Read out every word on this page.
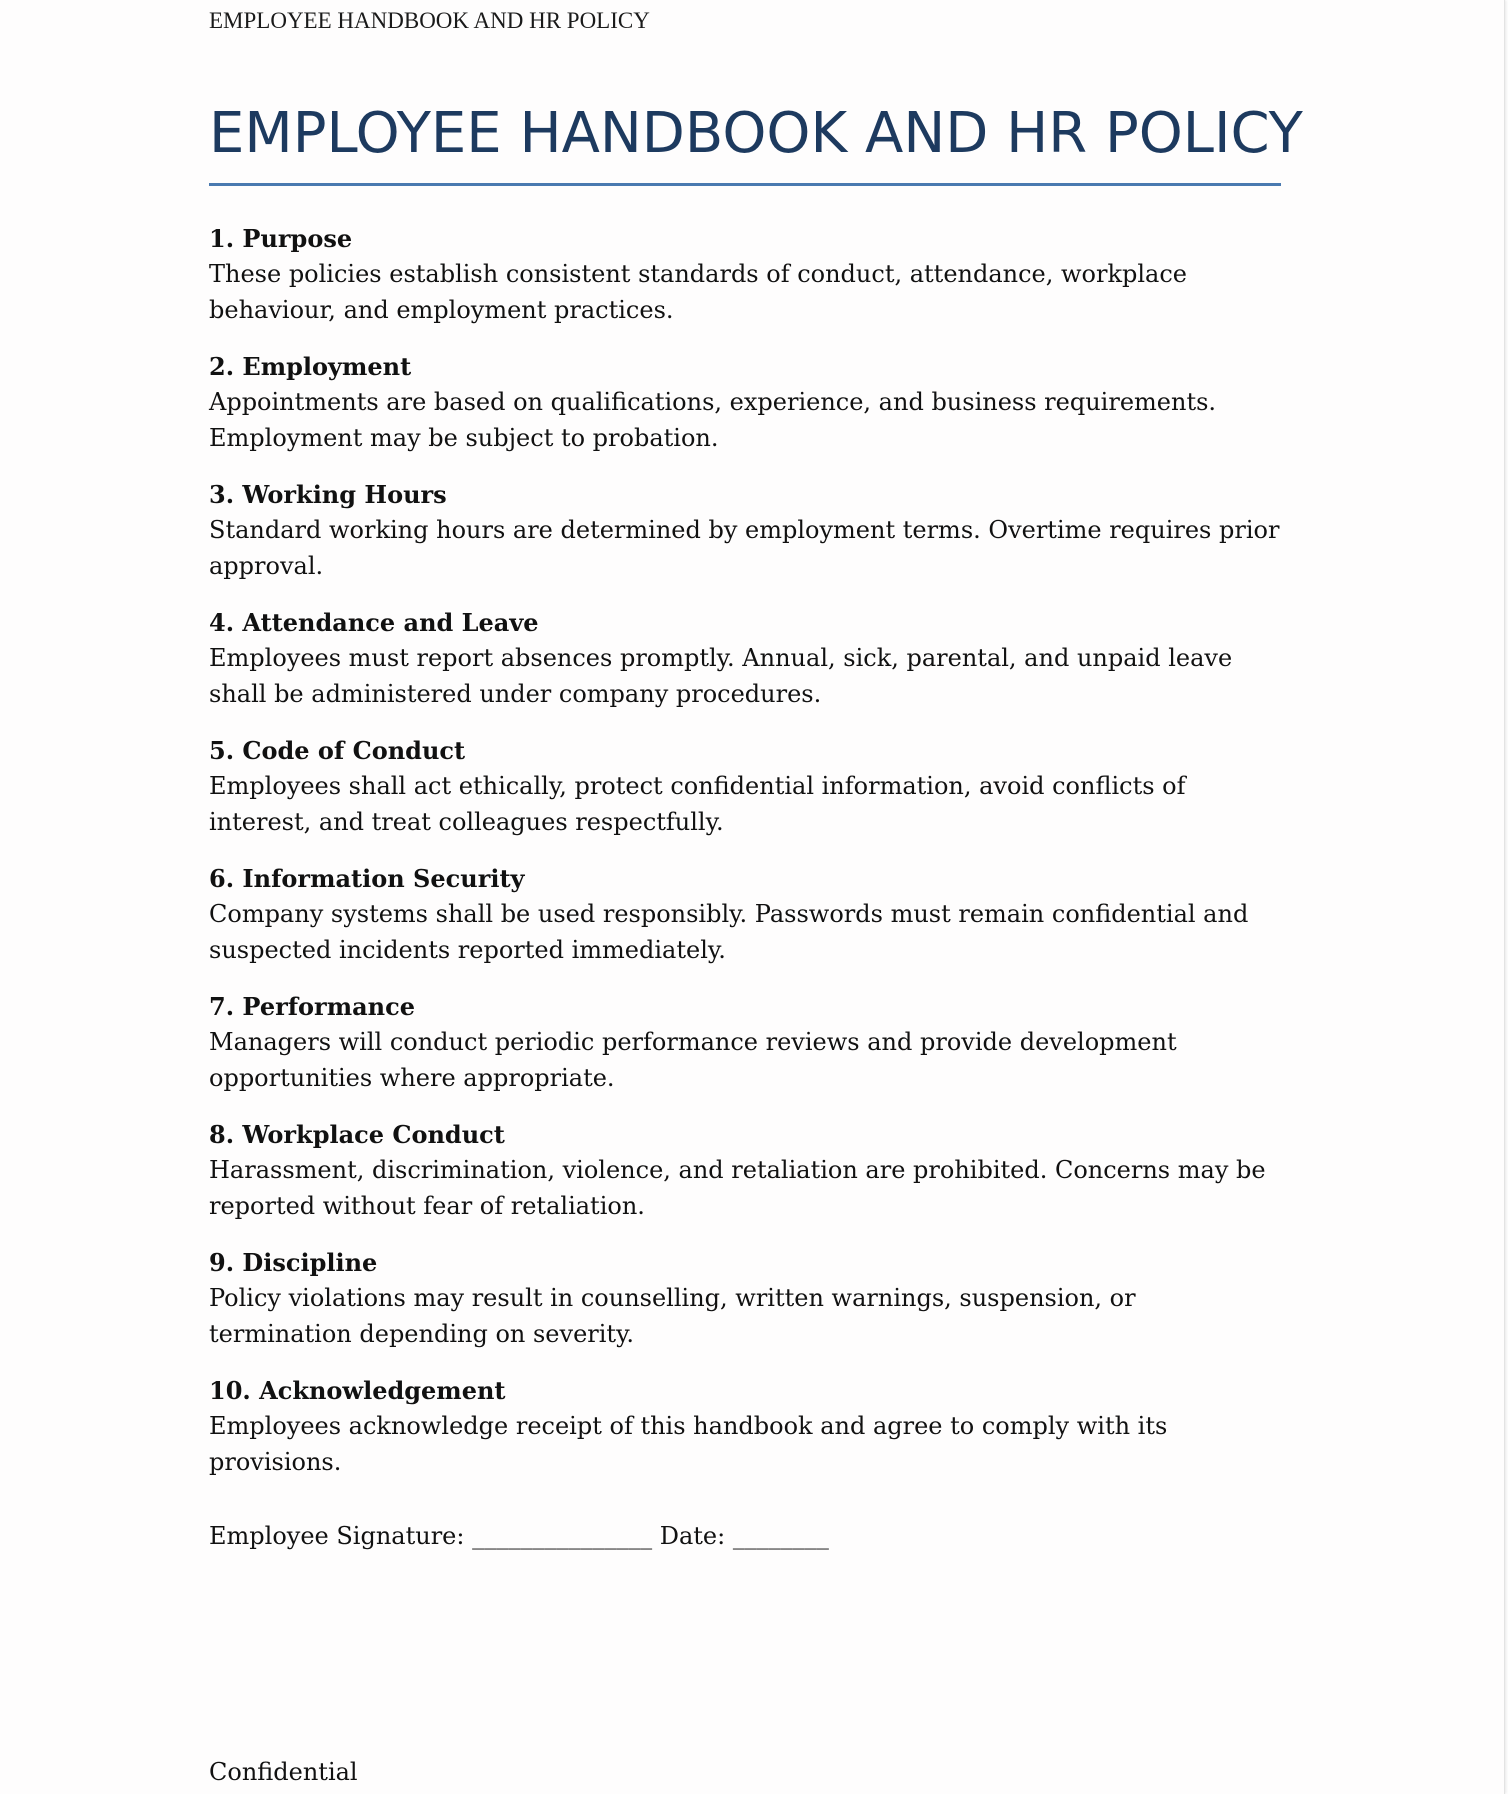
EMPLOYEE HANDBOOK AND HR POLICY
EMPLOYEE HANDBOOK AND HR POLICY
1. Purpose
These policies establish consistent standards of conduct, attendance, workplace behaviour, and employment practices.
2. Employment
Appointments are based on qualifications, experience, and business requirements. Employment may be subject to probation.
3. Working Hours
Standard working hours are determined by employment terms. Overtime requires prior approval.
4. Attendance and Leave
Employees must report absences promptly. Annual, sick, parental, and unpaid leave shall be administered under company procedures.
5. Code of Conduct
Employees shall act ethically, protect confidential information, avoid conflicts of interest, and treat colleagues respectfully.
6. Information Security
Company systems shall be used responsibly. Passwords must remain confidential and suspected incidents reported immediately.
7. Performance
Managers will conduct periodic performance reviews and provide development opportunities where appropriate.
8. Workplace Conduct
Harassment, discrimination, violence, and retaliation are prohibited. Concerns may be reported without fear of retaliation.
9. Discipline
Policy violations may result in counselling, written warnings, suspension, or termination depending on severity.
10. Acknowledgement
Employees acknowledge receipt of this handbook and agree to comply with its provisions.
Employee Signature: _______________ Date: ________
Confidential
